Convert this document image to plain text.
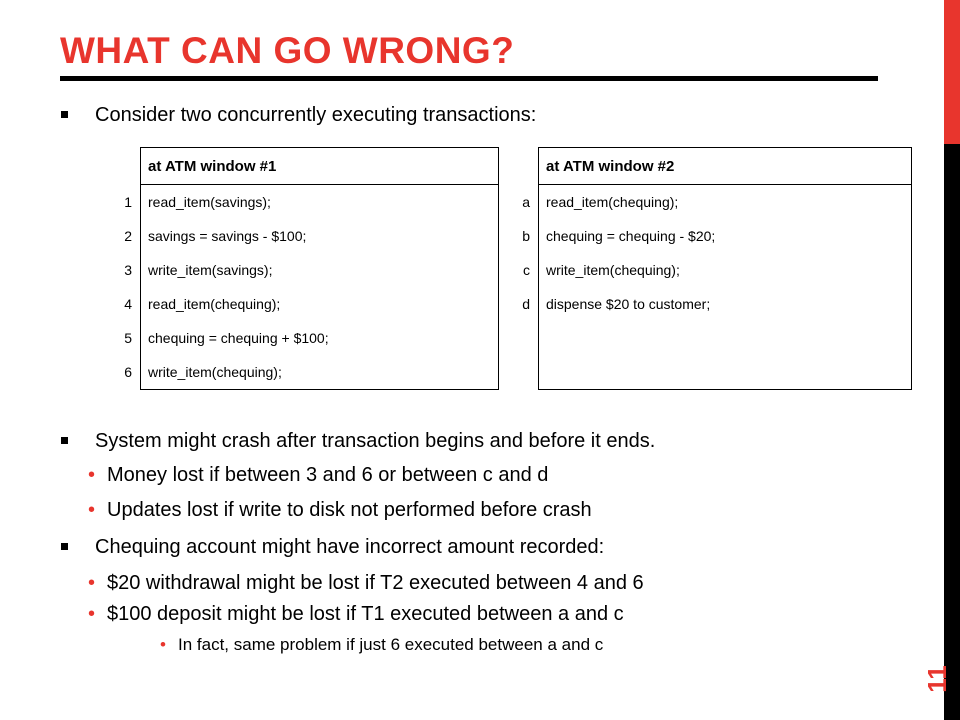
WHAT CAN GO WRONG?
11
Consider two concurrently executing transactions:
	at ATM window #1
1	read_item(savings);
2	savings = savings - $100;
3	write_item(savings);
4	read_item(chequing);
5	chequing = chequing + $100;
6	write_item(chequing);
	at ATM window #2
a	read_item(chequing);
b	chequing = chequing - $20;
c	write_item(chequing);
d	dispense $20 to customer;

System might crash after transaction begins and before it ends.
• Money lost if between 3 and 6 or between c and d
• Updates lost if write to disk not performed before crash
Chequing account might have incorrect amount recorded:
• $20 withdrawal might be lost if T2 executed between 4 and 6
• $100 deposit might be lost if T1 executed between a and c
• In fact, same problem if just 6 executed between a and c
